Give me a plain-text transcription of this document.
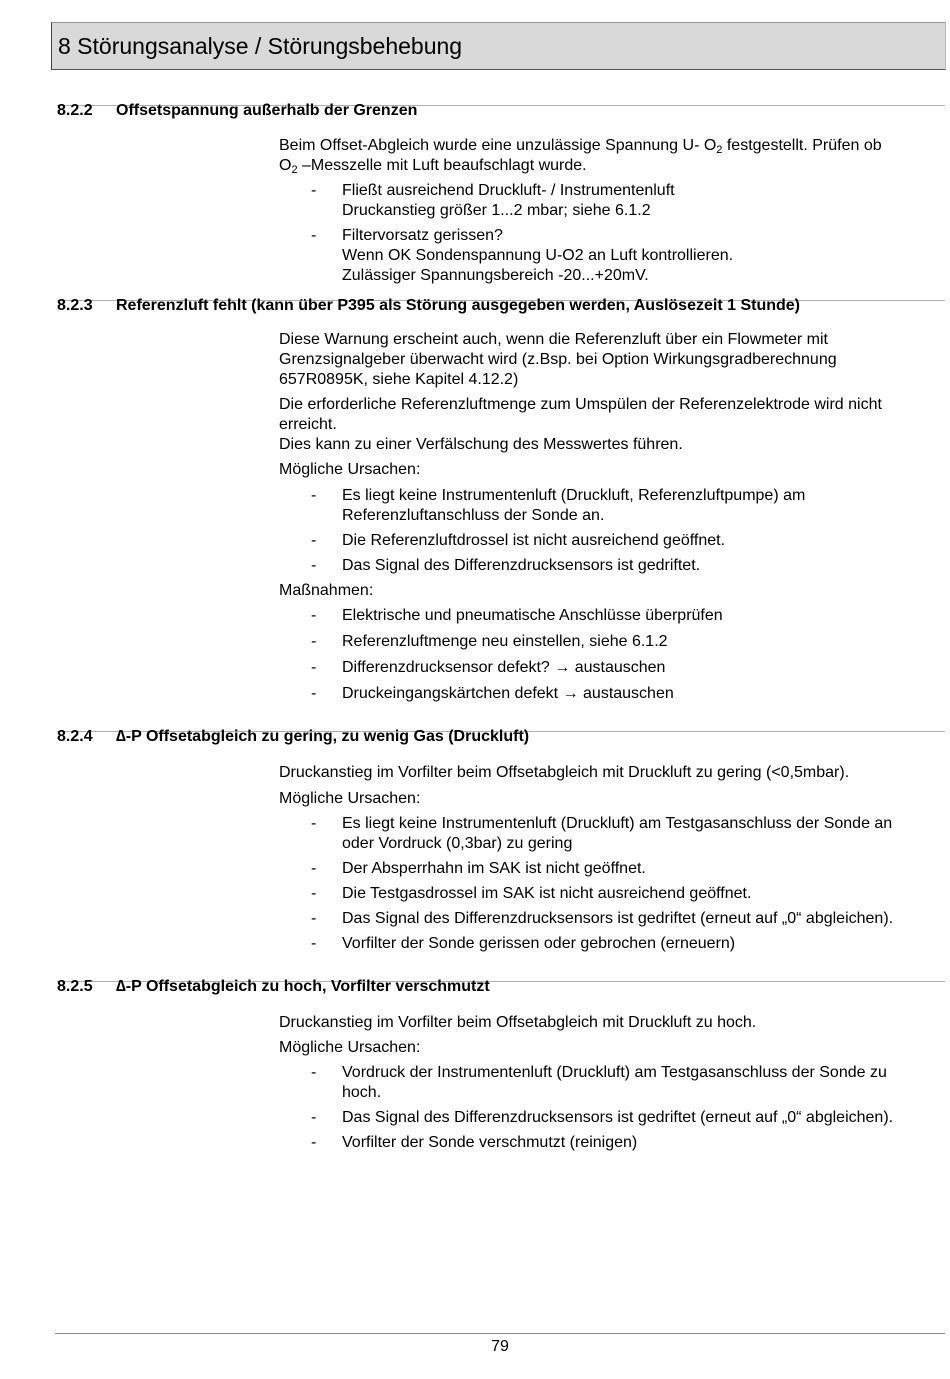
8 Störungsanalyse / Störungsbehebung
8.2.2 Offsetspannung außerhalb der Grenzen
Beim Offset-Abgleich wurde eine unzulässige Spannung U- $O_2$ festgestellt. Prüfen ob
$O_2$ –Messzelle mit Luft beaufschlagt wurde.
- Fließt ausreichend Druckluft- / Instrumentenluft
Druckanstieg größer 1...2 mbar; siehe 6.1.2
- Filtervorsatz gerissen?
Wenn OK Sondenspannung U-O2 an Luft kontrollieren.
Zulässiger Spannungsbereich -20...+20mV.
8.2.3 Referenzluft fehlt (kann über P395 als Störung ausgegeben werden, Auslösezeit 1 Stunde)
Diese Warnung erscheint auch, wenn die Referenzluft über ein Flowmeter mit
Grenzsignalgeber überwacht wird (z.Bsp. bei Option Wirkungsgradberechnung
657R0895K, siehe Kapitel 4.12.2)
Die erforderliche Referenzluftmenge zum Umspülen der Referenzelektrode wird nicht
erreicht.
Dies kann zu einer Verfälschung des Messwertes führen.
Mögliche Ursachen:
- Es liegt keine Instrumentenluft (Druckluft, Referenzluftpumpe) am
Referenzluftanschluss der Sonde an.
- Die Referenzluftdrossel ist nicht ausreichend geöffnet.
- Das Signal des Differenzdrucksensors ist gedriftet.
Maßnahmen:
- Elektrische und pneumatische Anschlüsse überprüfen
- Referenzluftmenge neu einstellen, siehe 6.1.2
- Differenzdrucksensor defekt? → austauschen
- Druckeingangskärtchen defekt → austauschen
8.2.4 ∆-P Offsetabgleich zu gering, zu wenig Gas (Druckluft)
Druckanstieg im Vorfilter beim Offsetabgleich mit Druckluft zu gering (<0,5mbar).
Mögliche Ursachen:
- Es liegt keine Instrumentenluft (Druckluft) am Testgasanschluss der Sonde an
oder Vordruck (0,3bar) zu gering
- Der Absperrhahn im SAK ist nicht geöffnet.
- Die Testgasdrossel im SAK ist nicht ausreichend geöffnet.
- Das Signal des Differenzdrucksensors ist gedriftet (erneut auf „0“ abgleichen).
- Vorfilter der Sonde gerissen oder gebrochen (erneuern)
8.2.5 ∆-P Offsetabgleich zu hoch, Vorfilter verschmutzt
Druckanstieg im Vorfilter beim Offsetabgleich mit Druckluft zu hoch.
Mögliche Ursachen:
- Vordruck der Instrumentenluft (Druckluft) am Testgasanschluss der Sonde zu
hoch.
- Das Signal des Differenzdrucksensors ist gedriftet (erneut auf „0“ abgleichen).
- Vorfilter der Sonde verschmutzt (reinigen)
79
